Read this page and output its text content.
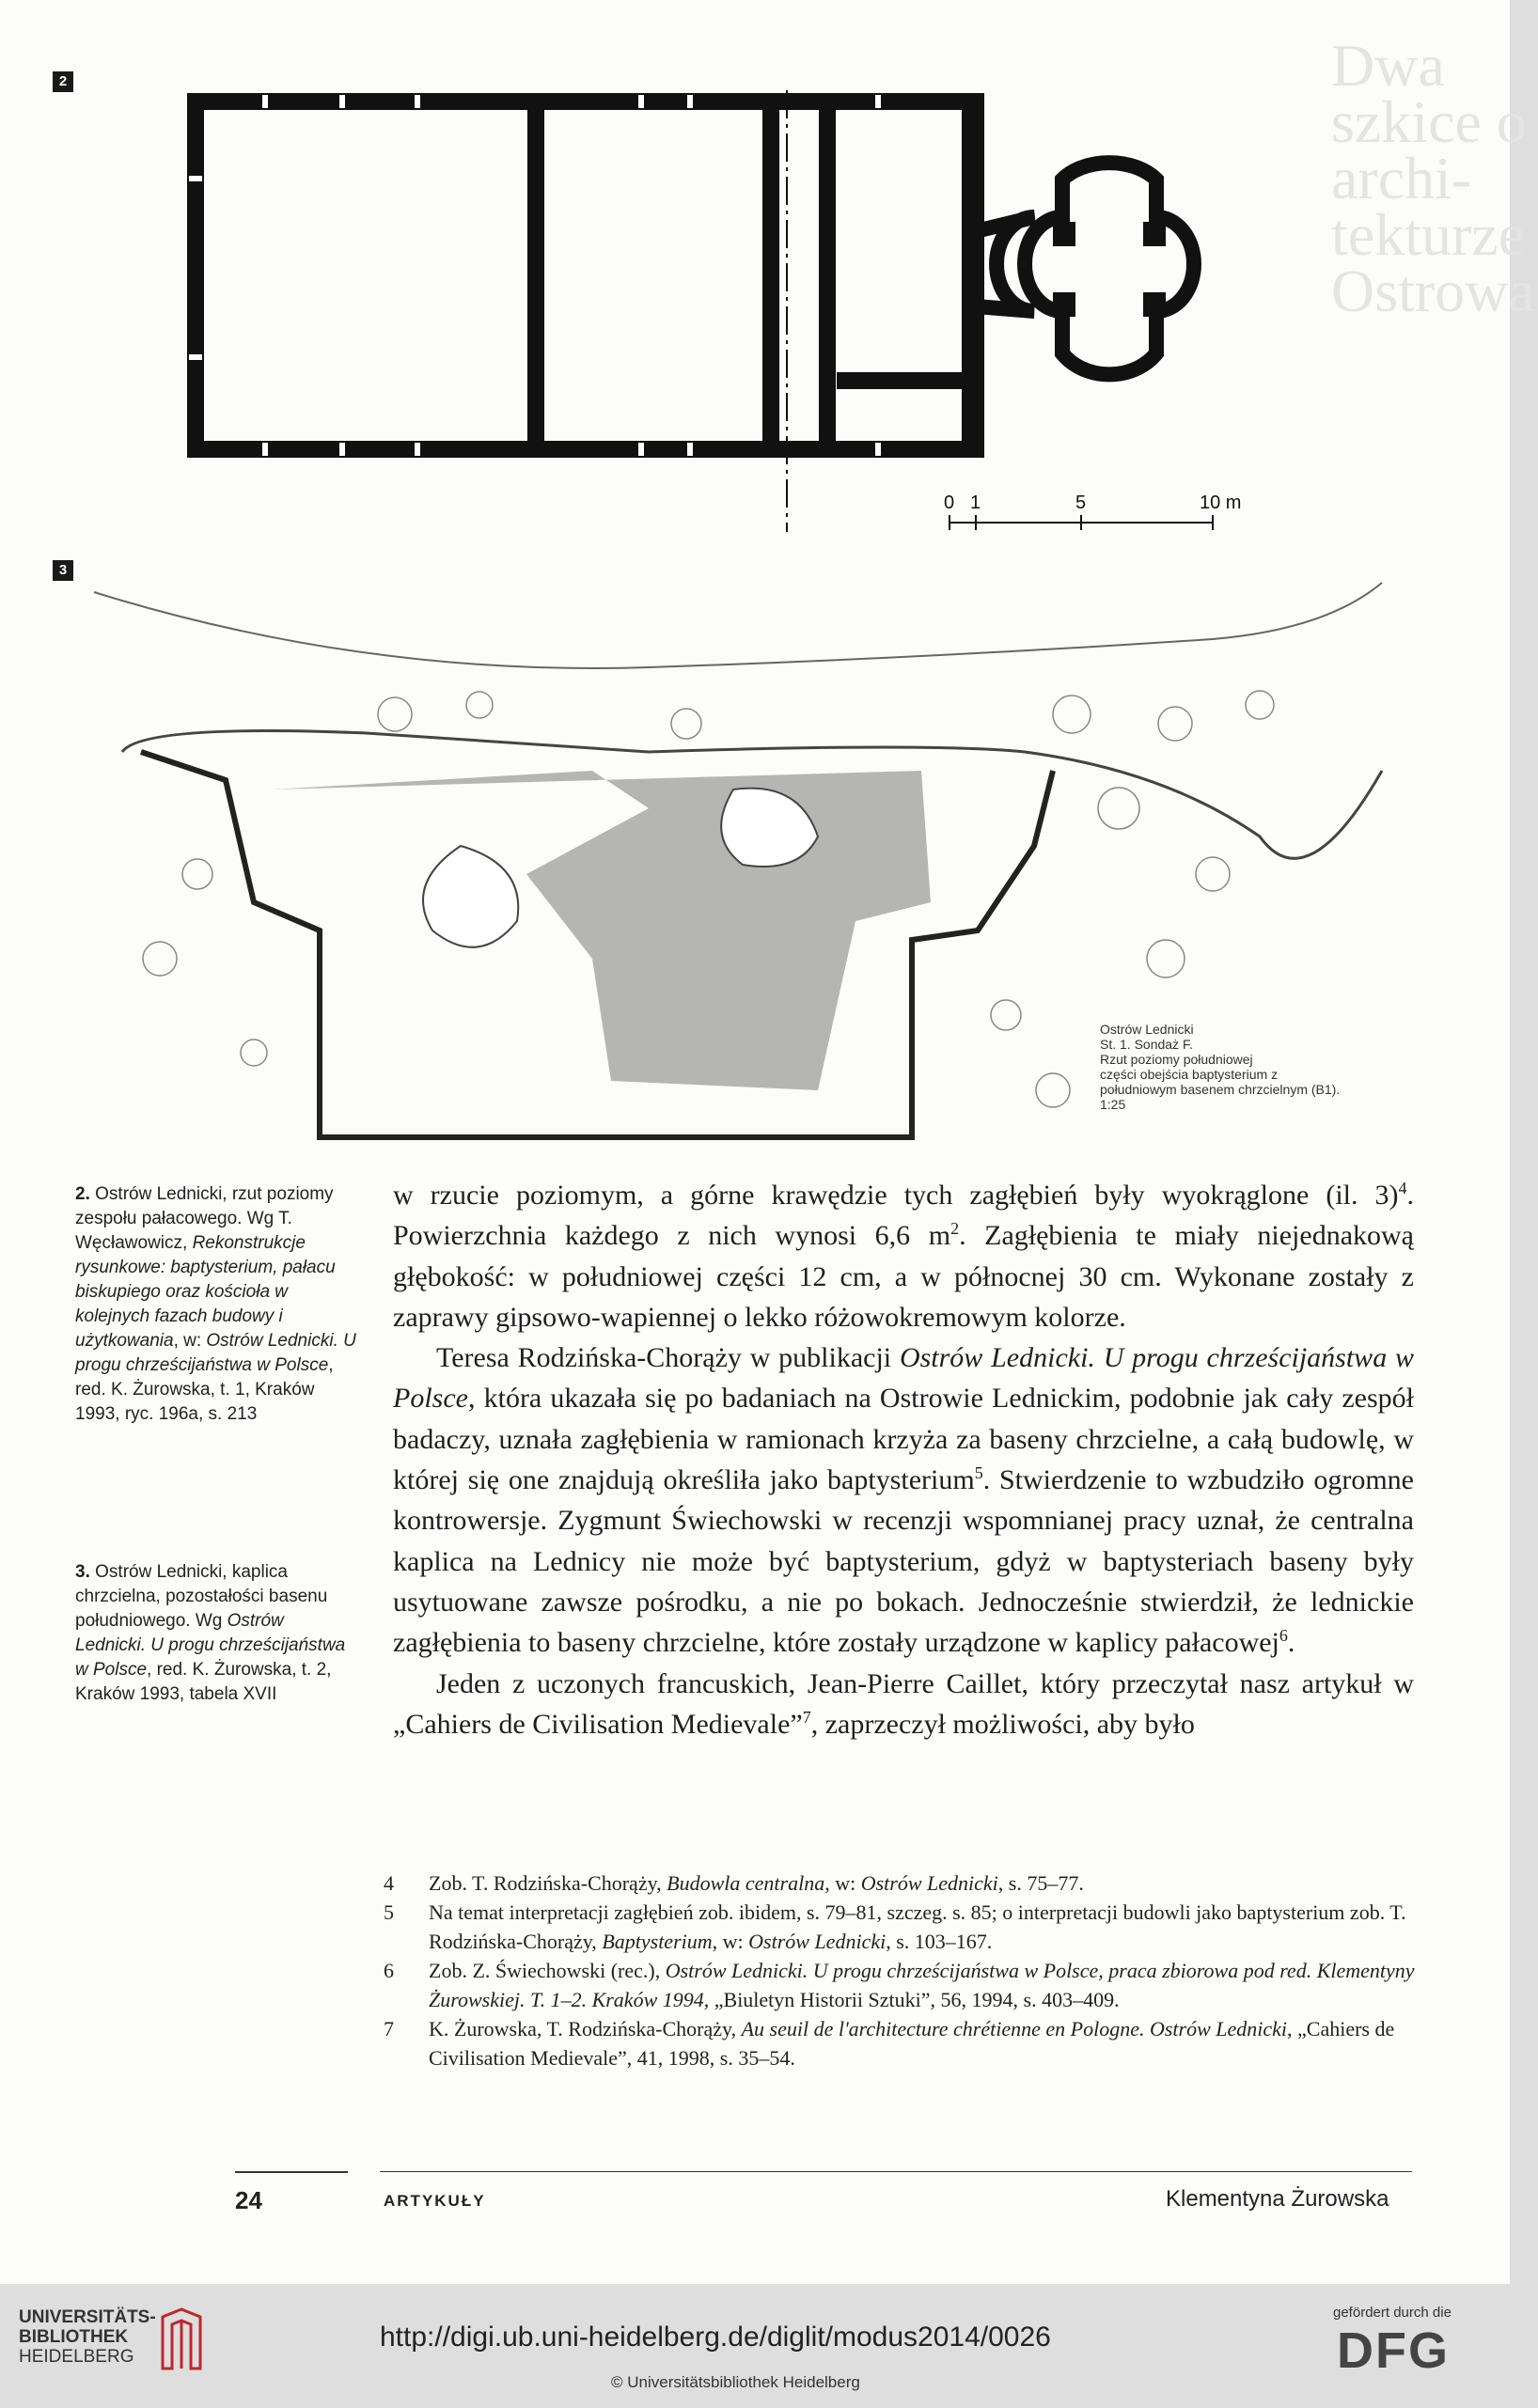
Dwa szkice o architekturze Ostrowa
2
0 1	5	10 m
3
Ostrów Lednicki
St. 1. Sondaż F.
Rzut poziomy południowej
części obejścia baptysterium z
południowym basenem chrzcielnym (B1).
1:25
2. Ostrów Lednicki, rzut poziomy zespołu pałacowego. Wg T. Węcławowicz, Rekonstrukcje rysunkowe: baptysterium, pałacu biskupiego oraz kościoła w kolejnych fazach budowy i użytkowania, w: Ostrów Lednicki. U progu chrześcijaństwa w Polsce, red. K. Żurowska, t. 1, Kraków 1993, ryc. 196a, s. 213
3. Ostrów Lednicki, kaplica chrzcielna, pozostałości basenu południowego. Wg Ostrów Lednicki. U progu chrześcijaństwa w Polsce, red. K. Żurowska, t. 2, Kraków 1993, tabela XVII

w rzucie poziomym, a górne krawędzie tych zagłębień były wyokrąglone (il. 3)$^4$. Powierzchnia każdego z nich wynosi 6,6 $m^2$. Zagłębienia te miały niejednakową głębokość: w południowej części 12 cm, a w północnej 30 cm. Wykonane zostały z zaprawy gipsowo-wapiennej o lekko różowokremowym kolorze.

Teresa Rodzińska-Chorąży w publikacji Ostrów Lednicki. U progu chrześcijaństwa w Polsce, która ukazała się po badaniach na Ostrowie Lednickim, podobnie jak cały zespół badaczy, uznała zagłębienia w ramionach krzyża za baseny chrzcielne, a całą budowlę, w której się one znajdują określiła jako baptysterium$^5$. Stwierdzenie to wzbudziło ogromne kontrowersje. Zygmunt Świechowski w recenzji wspomnianej pracy uznał, że centralna kaplica na Lednicy nie może być baptysterium, gdyż w baptysteriach baseny były usytuowane zawsze pośrodku, a nie po bokach. Jednocześnie stwierdził, że lednickie zagłębienia to baseny chrzcielne, które zostały urządzone w kaplicy pałacowej$^6$.

Jeden z uczonych francuskich, Jean-Pierre Caillet, który przeczytał nasz artykuł w „Cahiers de Civilisation Medievale”$^7$, zaprzeczył możliwości, aby było

4 Zob. T. Rodzińska-Chorąży, Budowla centralna, w: Ostrów Lednicki, s. 75–77.
5 Na temat interpretacji zagłębień zob. ibidem, s. 79–81, szczeg. s. 85; o interpretacji budowli jako baptysterium zob. T. Rodzińska-Chorąży, Baptysterium, w: Ostrów Lednicki, s. 103–167.
6 Zob. Z. Świechowski (rec.), Ostrów Lednicki. U progu chrześcijaństwa w Polsce, praca zbiorowa pod red. Klementyny Żurowskiej. T. 1–2. Kraków 1994, „Biuletyn Historii Sztuki”, 56, 1994, s. 403–409.
7 K. Żurowska, T. Rodzińska-Chorąży, Au seuil de l'architecture chrétienne en Pologne. Ostrów Lednicki, „Cahiers de Civilisation Medievale”, 41, 1998, s. 35–54.
24	ARTYKUŁY	Klementyna Żurowska
UNIVERSITÄTS-
BIBLIOTHEK
HEIDELBERG
http://digi.ub.uni-heidelberg.de/diglit/modus2014/0026
© Universitätsbibliothek Heidelberg
gefördert durch die
DFG
